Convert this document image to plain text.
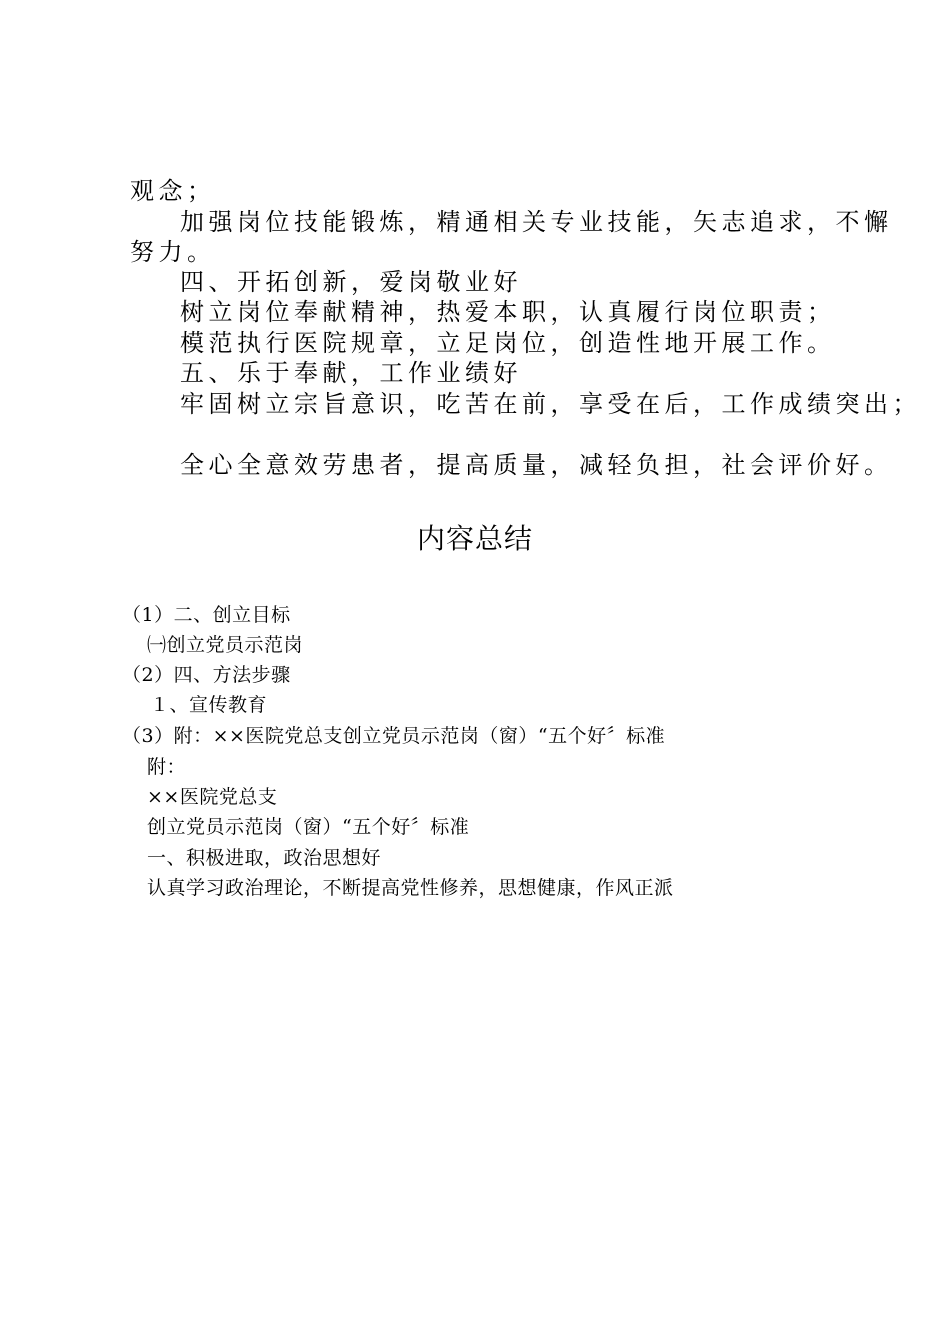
观念；

加强岗位技能锻炼，精通相关专业技能，矢志追求，不懈

努力。

四、开拓创新，爱岗敬业好

树立岗位奉献精神，热爱本职，认真履行岗位职责；

模范执行医院规章，立足岗位，创造性地开展工作。

五、乐于奉献，工作业绩好

牢固树立宗旨意识，吃苦在前，享受在后，工作成绩突出；

全心全意效劳患者，提高质量，减轻负担，社会评价好。

内容总结

（1）二、创立目标

㈠创立党员示范岗

（2）四、方法步骤

１、宣传教育

（3）附：××医院党总支创立党员示范岗（窗）“五个好〞标准

附：

××医院党总支

创立党员示范岗（窗）“五个好〞标准

一、积极进取，政治思想好

认真学习政治理论，不断提高党性修养，思想健康，作风正派
